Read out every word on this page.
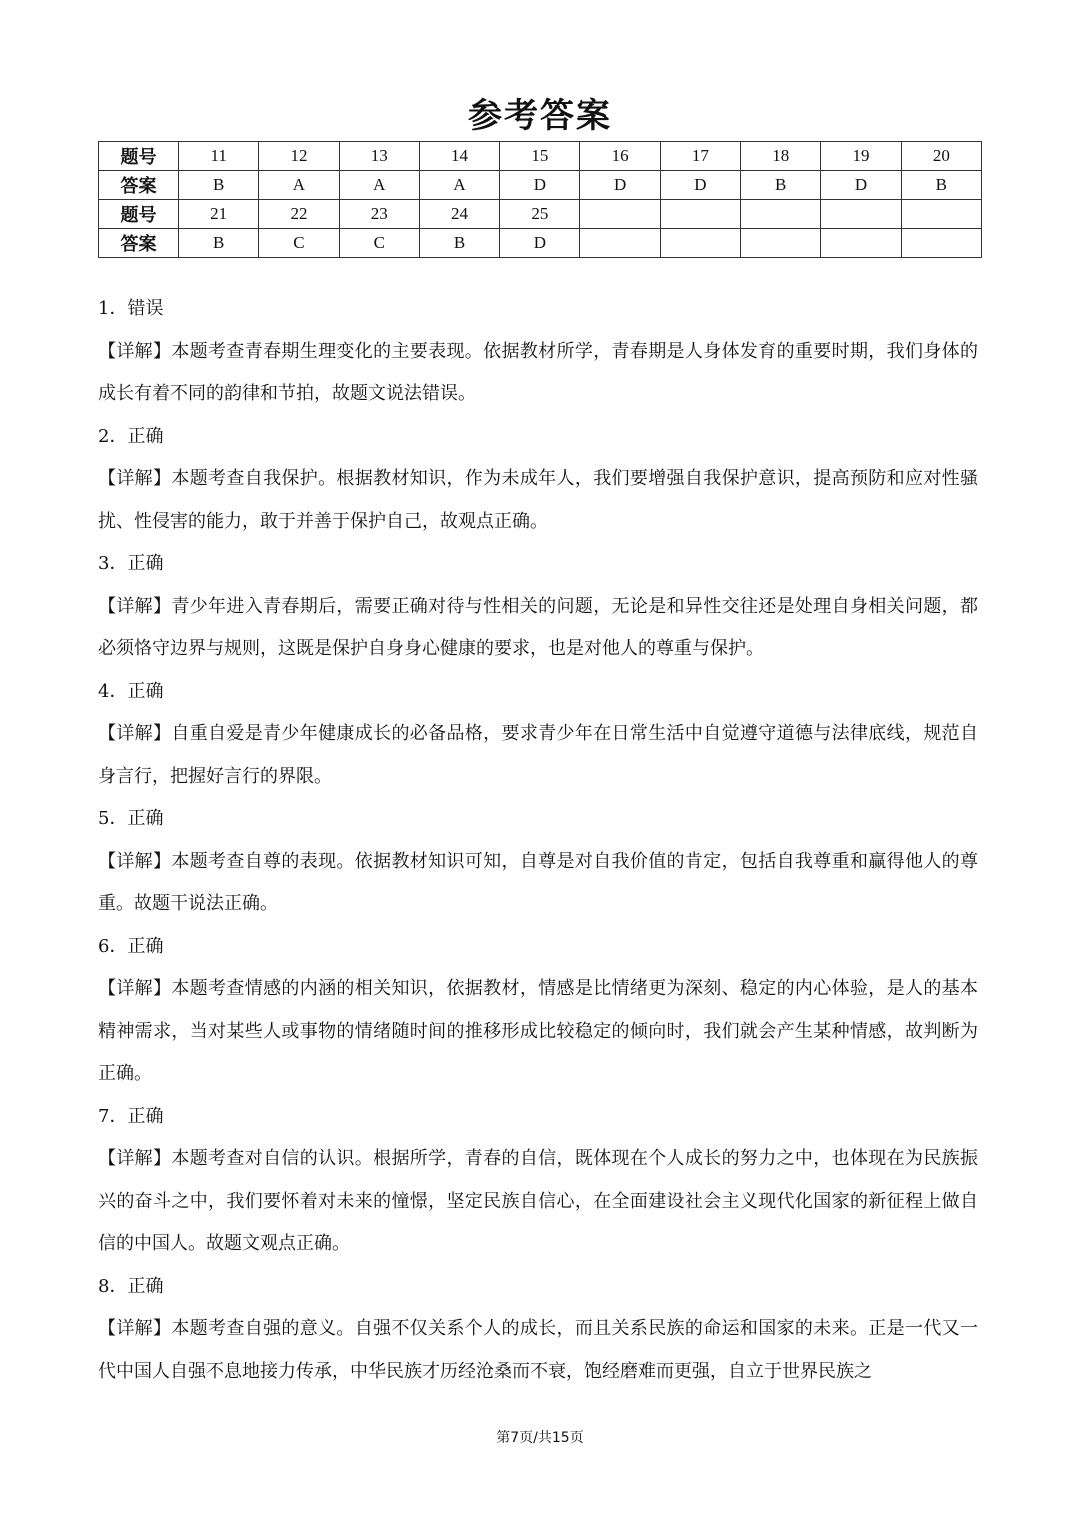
参考答案
题号	11	12	13	14	15	16	17	18	19	20
答案	B	A	A	A	D	D	D	B	D	B
题号	21	22	23	24	25					
答案	B	C	C	B	D					

1．错误

【详解】本题考查青春期生理变化的主要表现。依据教材所学，青春期是人身体发育的重要时期，我们身体的成长有着不同的韵律和节拍，故题文说法错误。

2．正确

【详解】本题考查自我保护。根据教材知识，作为未成年人，我们要增强自我保护意识，提高预防和应对性骚扰、性侵害的能力，敢于并善于保护自己，故观点正确。

3．正确

【详解】青少年进入青春期后，需要正确对待与性相关的问题，无论是和异性交往还是处理自身相关问题，都必须恪守边界与规则，这既是保护自身身心健康的要求，也是对他人的尊重与保护。

4．正确

【详解】自重自爱是青少年健康成长的必备品格，要求青少年在日常生活中自觉遵守道德与法律底线，规范自身言行，把握好言行的界限。

5．正确

【详解】本题考查自尊的表现。依据教材知识可知，自尊是对自我价值的肯定，包括自我尊重和赢得他人的尊重。故题干说法正确。

6．正确

【详解】本题考查情感的内涵的相关知识，依据教材，情感是比情绪更为深刻、稳定的内心体验，是人的基本精神需求，当对某些人或事物的情绪随时间的推移形成比较稳定的倾向时，我们就会产生某种情感，故判断为正确。

7．正确

【详解】本题考查对自信的认识。根据所学，青春的自信，既体现在个人成长的努力之中，也体现在为民族振兴的奋斗之中，我们要怀着对未来的憧憬，坚定民族自信心，在全面建设社会主义现代化国家的新征程上做自信的中国人。故题文观点正确。

8．正确

【详解】本题考查自强的意义。自强不仅关系个人的成长，而且关系民族的命运和国家的未来。正是一代又一代中国人自强不息地接力传承，中华民族才历经沧桑而不衰，饱经磨难而更强，自立于世界民族之

第7页/共15页
